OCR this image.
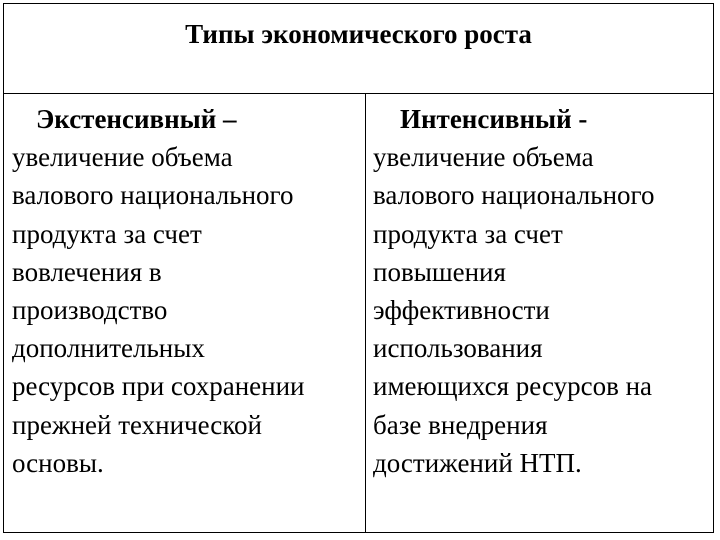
Типы экономического роста
Экстенсивный –
увеличение объема
валового национального
продукта за счет
вовлечения в
производство
дополнительных
ресурсов при сохранении
прежней технической
основы.
Интенсивный -
увеличение объема
валового национального
продукта за счет
повышения
эффективности
использования
имеющихся ресурсов на
базе внедрения
достижений НТП.
